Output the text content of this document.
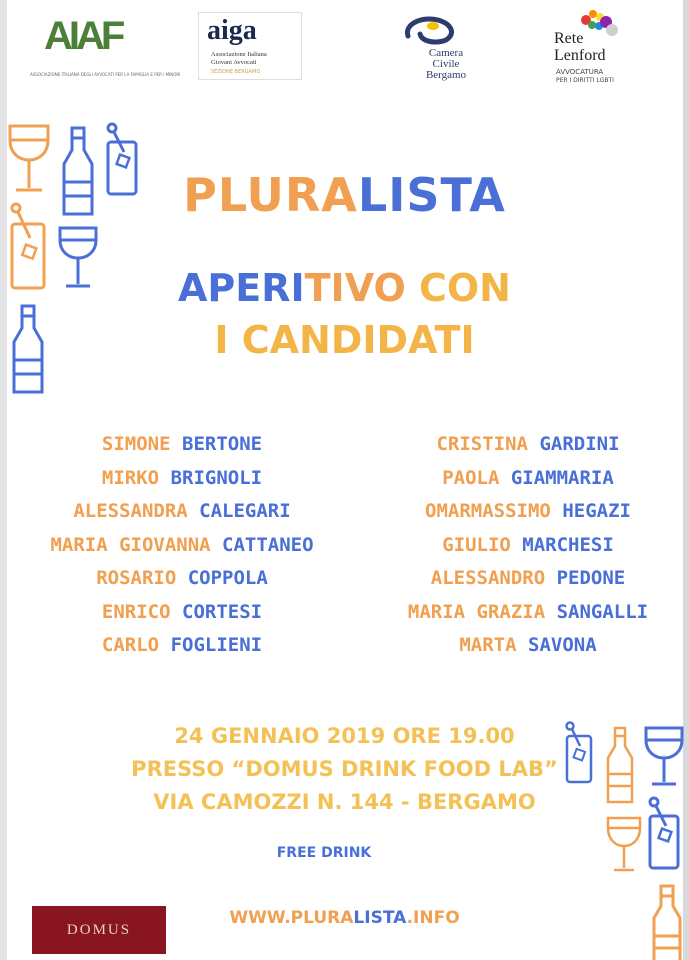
AIAF
ASSOCIAZIONE ITALIANA DEGLI AVVOCATI PER LA FAMIGLIA E PER I MINORI
aiga
Associazione Italiana
Giovani Avvocati
SEZIONE BERGAMO
Camera
Civile
Bergamo
Rete
Lenford
AVVOCATURA
PER I DIRITTI LGBTI
PLURALISTA
APERITIVO CON
I CANDIDATI
SIMONE BERTONE
MIRKO BRIGNOLI
ALESSANDRA CALEGARI
MARIA GIOVANNA CATTANEO
ROSARIO COPPOLA
ENRICO CORTESI
CARLO FOGLIENI
CRISTINA GARDINI
PAOLA GIAMMARIA
OMARMASSIMO HEGAZI
GIULIO MARCHESI
ALESSANDRO PEDONE
MARIA GRAZIA SANGALLI
MARTA SAVONA
24 GENNAIO 2019 ORE 19.00
PRESSO “DOMUS DRINK FOOD LAB”
VIA CAMOZZI N. 144 - BERGAMO
FREE DRINK
DOMUS
WWW.PLURALISTA.INFO
